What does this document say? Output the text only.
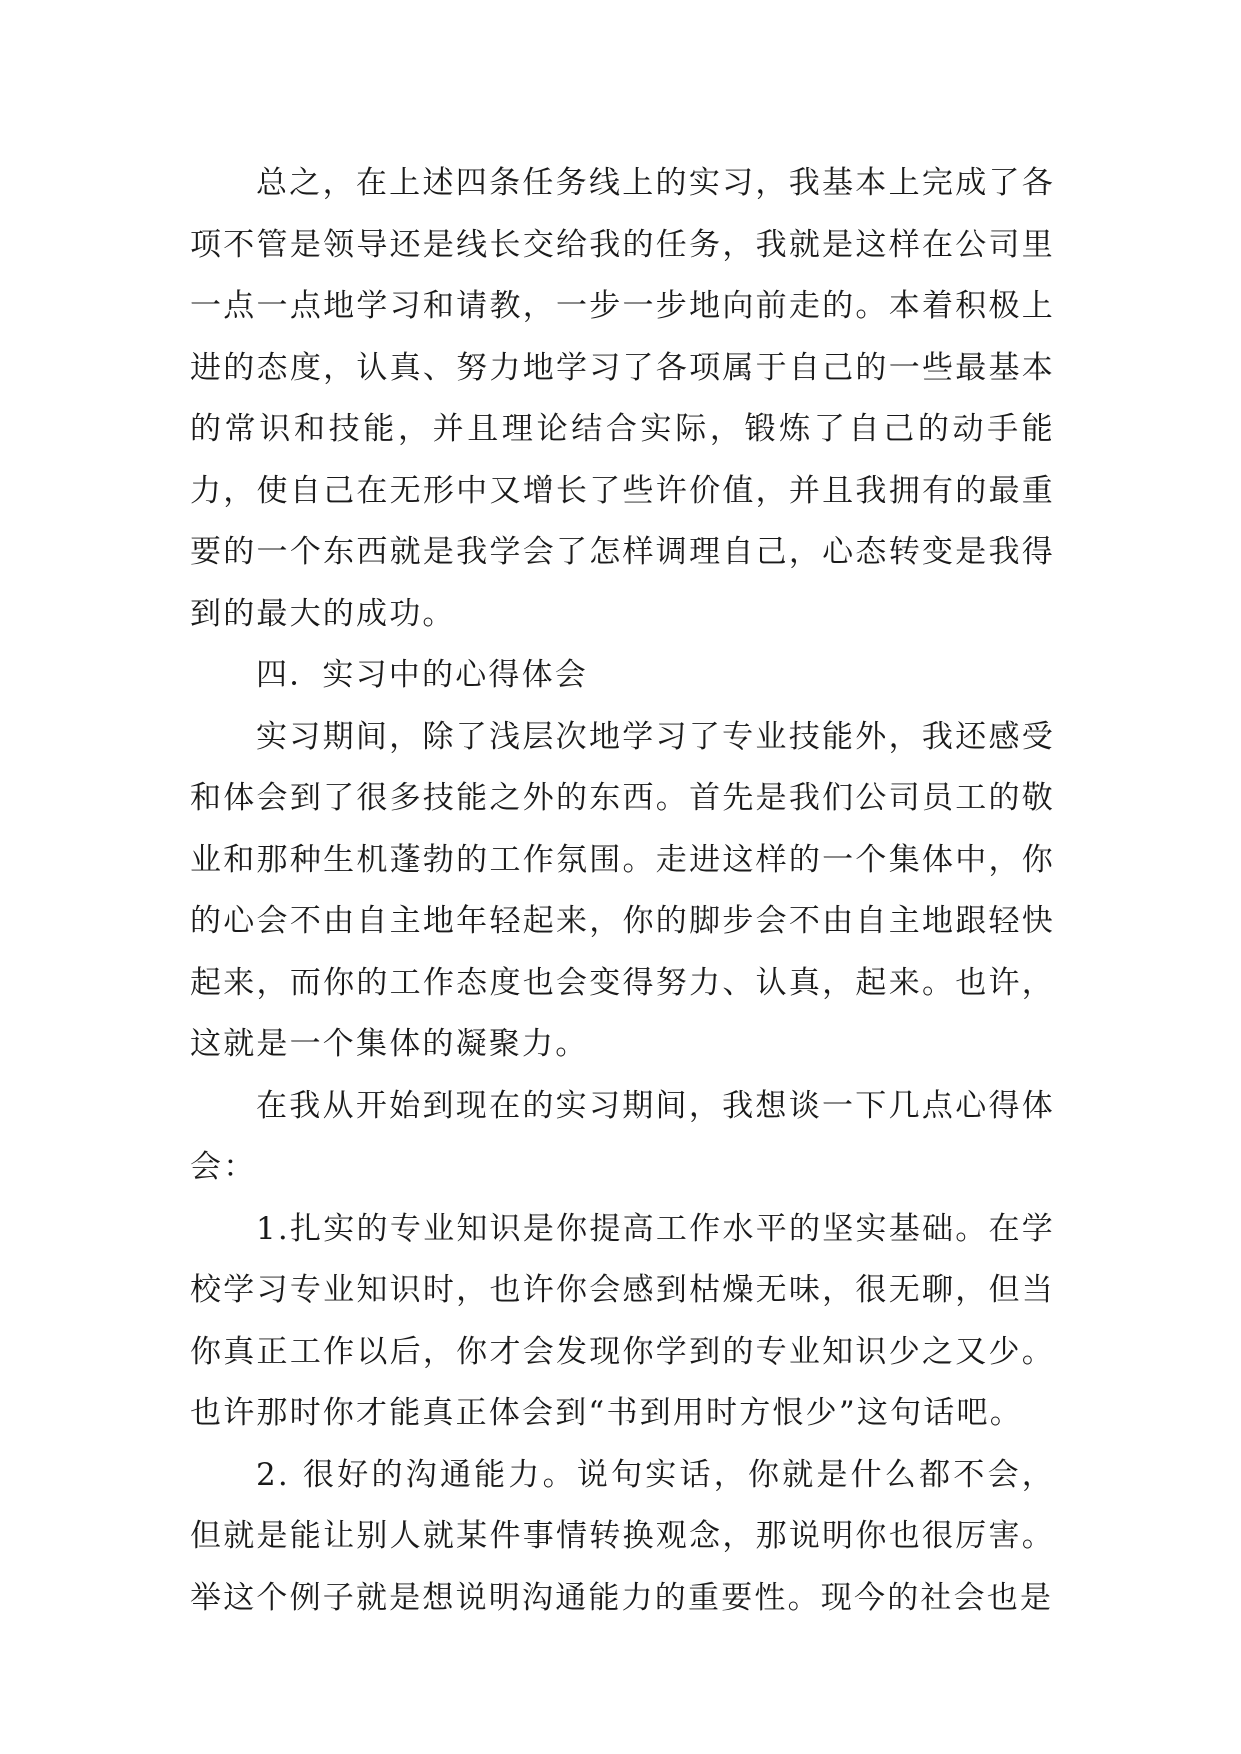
总之，在上述四条任务线上的实习，我基本上完成了各项不管是领导还是线长交给我的任务，我就是这样在公司里一点一点地学习和请教，一步一步地向前走的。本着积极上进的态度，认真、努力地学习了各项属于自己的一些最基本的常识和技能，并且理论结合实际，锻炼了自己的动手能力，使自己在无形中又增长了些许价值，并且我拥有的最重要的一个东西就是我学会了怎样调理自己，心态转变是我得到的最大的成功。

四．实习中的心得体会

实习期间，除了浅层次地学习了专业技能外，我还感受和体会到了很多技能之外的东西。首先是我们公司员工的敬业和那种生机蓬勃的工作氛围。走进这样的一个集体中，你的心会不由自主地年轻起来，你的脚步会不由自主地跟轻快起来，而你的工作态度也会变得努力、认真，起来。也许，这就是一个集体的凝聚力。

在我从开始到现在的实习期间，我想谈一下几点心得体会：

1.扎实的专业知识是你提高工作水平的坚实基础。在学校学习专业知识时，也许你会感到枯燥无味，很无聊，但当你真正工作以后，你才会发现你学到的专业知识少之又少。也许那时你才能真正体会到“书到用时方恨少”这句话吧。

2. 很好的沟通能力。说句实话，你就是什么都不会，但就是能让别人就某件事情转换观念，那说明你也很厉害。举这个例子就是想说明沟通能力的重要性。现今的社会也是
